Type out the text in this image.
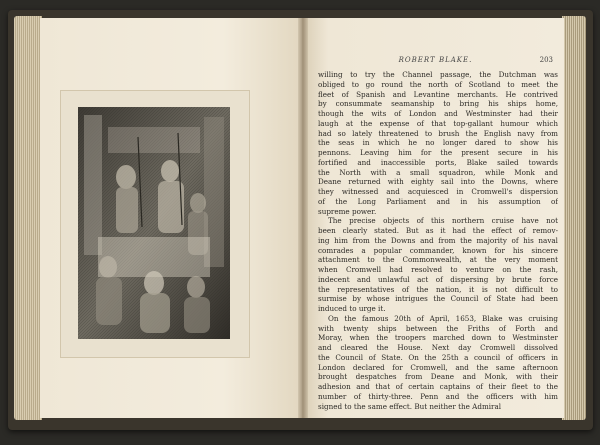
ROBERT BLAKE.	203
willing to try the Channel passage, the Dutchman was
obliged to go round the north of Scotland to meet the
fleet of Spanish and Levantine merchants. He contrived
by consummate seamanship to bring his ships home,
though the wits of London and Westminster had their
laugh at the expense of that top-gallant humour which
had so lately threatened to brush the English navy from
the seas in which he no longer dared to show his
pennons. Leaving him for the present secure in his
fortified and inaccessible ports, Blake sailed towards
the North with a small squadron, while Monk and
Deane returned with eighty sail into the Downs, where
they witnessed and acquiesced in Cromwell's dispersion
of the Long Parliament and in his assumption of
supreme power.
The precise objects of this northern cruise have not
been clearly stated. But as it had the effect of remov-
ing him from the Downs and from the majority of his naval
comrades a popular commander, known for his sincere
attachment to the Commonwealth, at the very moment
when Cromwell had resolved to venture on the rash,
indecent and unlawful act of dispersing by brute force
the representatives of the nation, it is not difficult to
surmise by whose intrigues the Council of State had been
induced to urge it.
On the famous 20th of April, 1653, Blake was cruising
with twenty ships between the Friths of Forth and
Moray, when the troopers marched down to Westminster
and cleared the House. Next day Cromwell dissolved
the Council of State. On the 25th a council of officers in
London declared for Cromwell, and the same afternoon
brought despatches from Deane and Monk, with their
adhesion and that of certain captains of their fleet to the
number of thirty-three. Penn and the officers with him
signed to the same effect. But neither the Admiral
